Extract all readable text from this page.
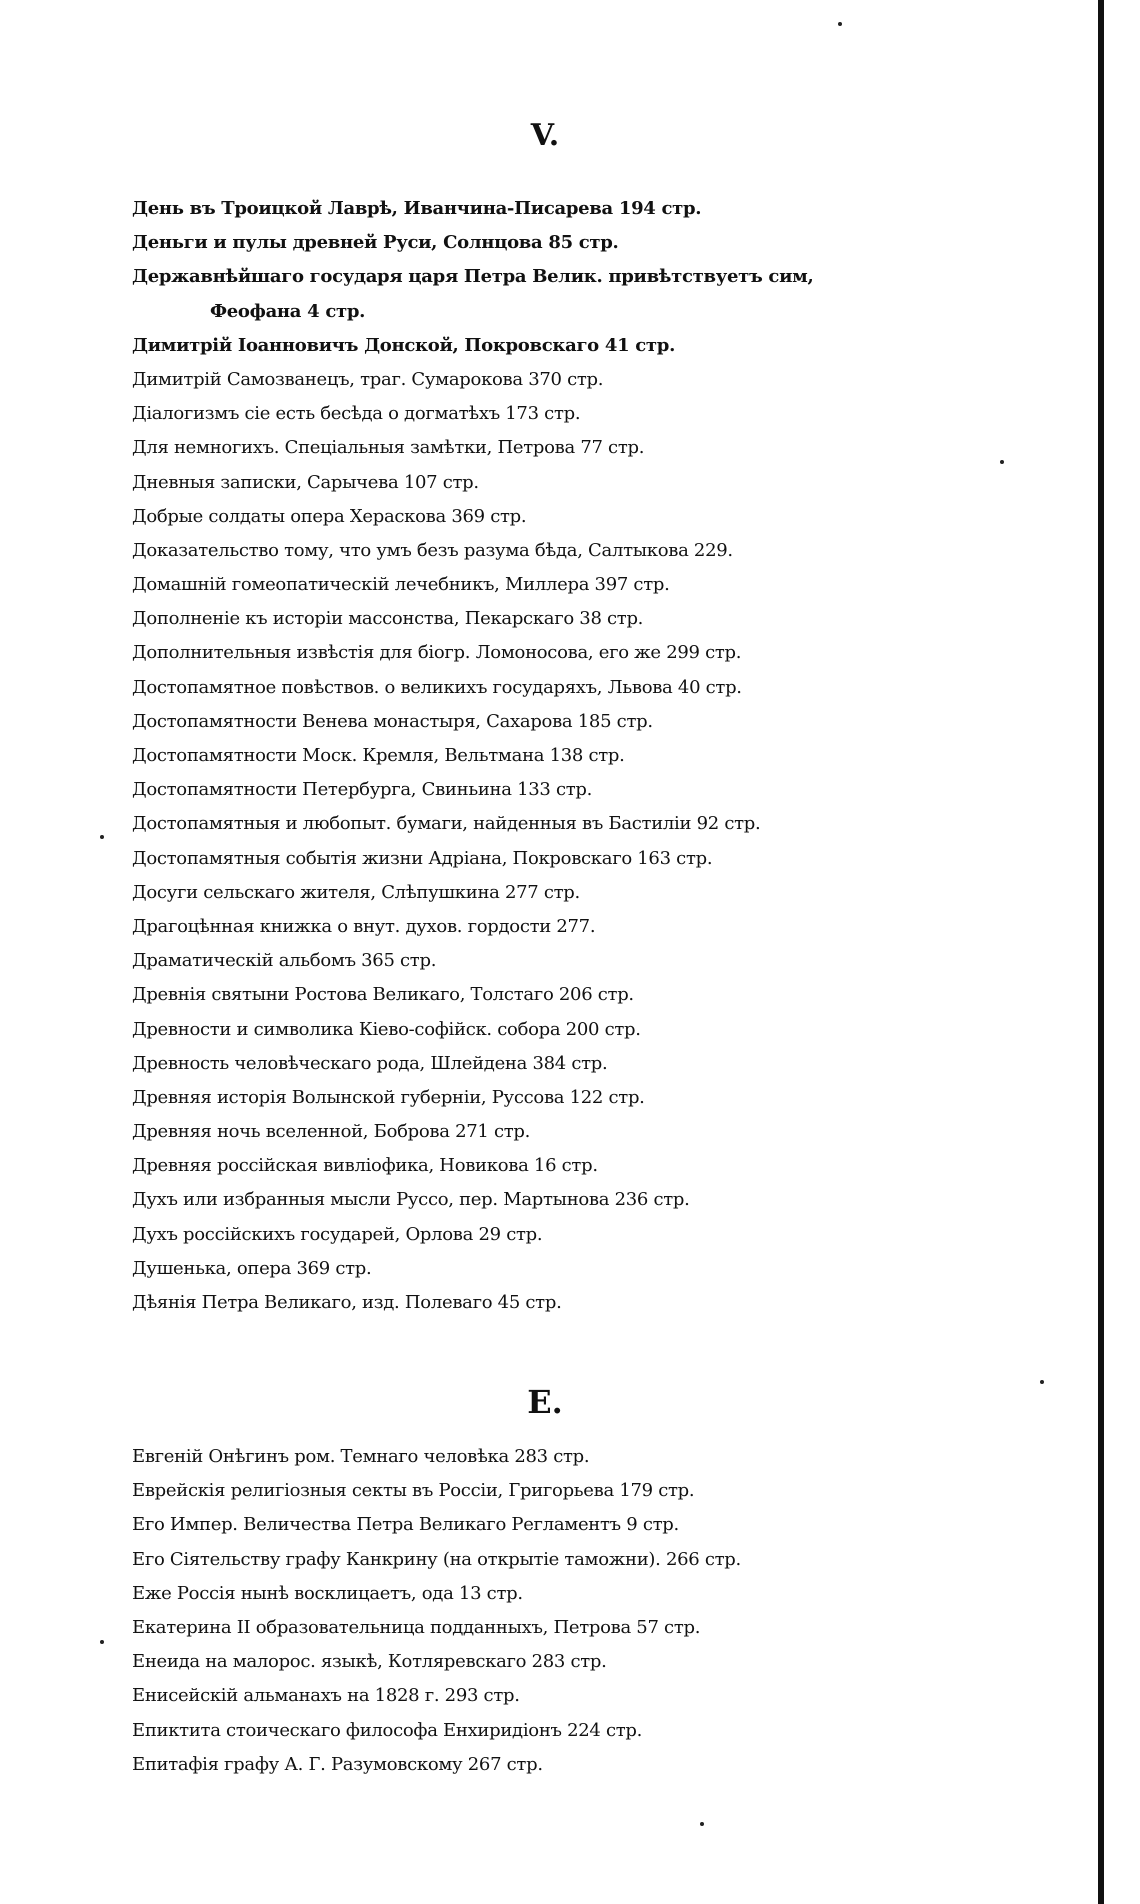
V.
День въ Троицкой Лаврѣ, Иванчина-Писарева 194 стр.
Деньги и пулы древней Руси, Солнцова 85 стр.
Державнѣйшаго государя царя Петра Велик. привѣтствуетъ сим,
Феофана 4 стр.
Димитрій Іоанновичъ Донской, Покровскаго 41 стр.
Димитрій Самозванецъ, траг. Сумарокова 370 стр.
Діалогизмъ сіе есть бесѣда о догматѣхъ 173 стр.
Для немногихъ. Спеціальныя замѣтки, Петрова 77 стр.
Дневныя записки, Сарычева 107 стр.
Добрые солдаты опера Хераскова 369 стр.
Доказательство тому, что умъ безъ разума бѣда, Салтыкова 229.
Домашній гомеопатическій лечебникъ, Миллера 397 стр.
Дополненіе къ исторіи массонства, Пекарскаго 38 стр.
Дополнительныя извѣстія для біогр. Ломоносова, его же 299 стр.
Достопамятное повѣствов. о великихъ государяхъ, Львова 40 стр.
Достопамятности Венева монастыря, Сахарова 185 стр.
Достопамятности Моск. Кремля, Вельтмана 138 стр.
Достопамятности Петербурга, Свиньина 133 стр.
Достопамятныя и любопыт. бумаги, найденныя въ Бастиліи 92 стр.
Достопамятныя событія жизни Адріана, Покровскаго 163 стр.
Досуги сельскаго жителя, Слѣпушкина 277 стр.
Драгоцѣнная книжка о внут. духов. гордости 277.
Драматическій альбомъ 365 стр.
Древнія святыни Ростова Великаго, Толстаго 206 стр.
Древности и символика Кіево-софійск. собора 200 стр.
Древность человѣческаго рода, Шлейдена 384 стр.
Древняя исторія Волынской губерніи, Руссова 122 стр.
Древняя ночь вселенной, Боброва 271 стр.
Древняя россійская вивліофика, Новикова 16 стр.
Духъ или избранныя мысли Руссо, пер. Мартынова 236 стр.
Духъ россійскихъ государей, Орлова 29 стр.
Душенька, опера 369 стр.
Дѣянія Петра Великаго, изд. Полеваго 45 стр.
Е.
Евгеній Онѣгинъ ром. Темнаго человѣка 283 стр.
Еврейскія религіозныя секты въ Россіи, Григорьева 179 стр.
Его Импер. Величества Петра Великаго Регламентъ 9 стр.
Его Сіятельству графу Канкрину (на открытіе таможни). 266 стр.
Еже Россія нынѣ восклицаетъ, ода 13 стр.
Екатерина II образовательница подданныхъ, Петрова 57 стр.
Енеида на малорос. языкѣ, Котляревскаго 283 стр.
Енисейскій альманахъ на 1828 г. 293 стр.
Епиктита стоическаго философа Енхиридіонъ 224 стр.
Епитафія графу А. Г. Разумовскому 267 стр.
